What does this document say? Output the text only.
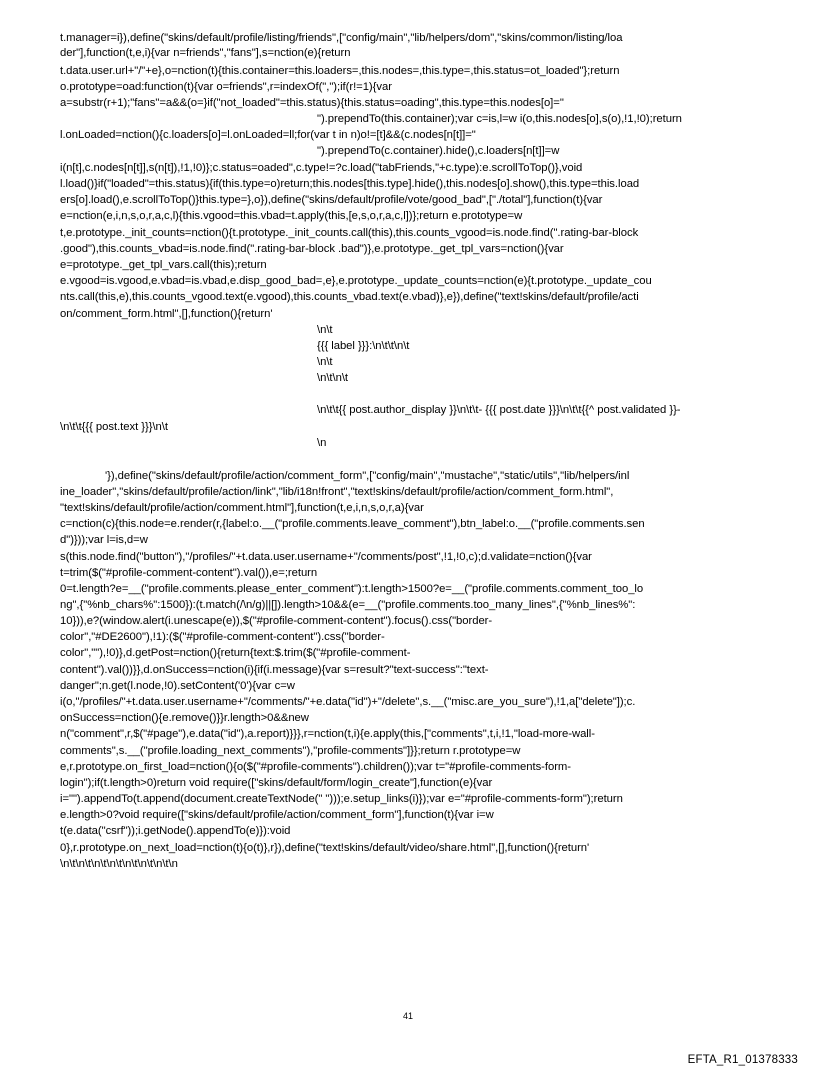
t.manager=i}),define("skins/default/profile/listing/friends",["config/main","lib/helpers/dom","skins/common/listing/loa
der"],function(t,e,i){var n=friends","fans"],s=nction(e){return
t.data.user.url+"/"+e},o=nction(t){this.container=this.loaders=,this.nodes=,this.type=,this.status=ot_loaded"};return
o.prototype=oad:function(t){var o=friends",r=indexOf(",");if(r!=1){var
a=substr(r+1);"fans"=a&&(o=}if("not_loaded"=this.status){this.status=oading",this.type=this.nodes[o]="
").prependTo(this.container);var c=is,l=w i(o,this.nodes[o],s(o),!1,!0);return
l.onLoaded=nction(){c.loaders[o]=l.onLoaded=ll;for(var t in n)o!=[t]&&(c.nodes[n[t]]="
").prependTo(c.container).hide(),c.loaders[n[t]]=w
i(n[t],c.nodes[n[t]],s(n[t]),!1,!0)};c.status=oaded",c.type!=?c.load("tabFriends,"+c.type):e.scrollToTop()},void
l.load()}if("loaded"=this.status){if(this.type=o)return;this.nodes[this.type].hide(),this.nodes[o].show(),this.type=this.load
ers[o].load(),e.scrollToTop()}this.type=},o}),define("skins/default/profile/vote/good_bad",["./total"],function(t){var
e=nction(e,i,n,s,o,r,a,c,l){this.vgood=this.vbad=t.apply(this,[e,s,o,r,a,c,l])};return e.prototype=w
t,e.prototype._init_counts=nction(){t.prototype._init_counts.call(this),this.counts_vgood=is.node.find(".rating-bar-block
.good"),this.counts_vbad=is.node.find(".rating-bar-block .bad")},e.prototype._get_tpl_vars=nction(){var
e=prototype._get_tpl_vars.call(this);return
e.vgood=is.vgood,e.vbad=is.vbad,e.disp_good_bad=,e},e.prototype._update_counts=nction(e){t.prototype._update_cou
nts.call(this,e),this.counts_vgood.text(e.vgood),this.counts_vbad.text(e.vbad)},e}),define("text!skins/default/profile/acti
on/comment_form.html",[],function(){return'
\n\t
{{{ label }}}:\n\t\t\n\t
\n\t
\n\t\n\t
\n\t\t{{ post.author_display }}\n\t\t- {{{ post.date }}}\n\t\t{{^ post.validated }}-
\n\t\t{{{ post.text }}}\n\t
\n
'}),define("skins/default/profile/action/comment_form",["config/main","mustache","static/utils","lib/helpers/inl
ine_loader","skins/default/profile/action/link","lib/i18n!front","text!skins/default/profile/action/comment_form.html",
"text!skins/default/profile/action/comment.html"],function(t,e,i,n,s,o,r,a){var
c=nction(c){this.node=e.render(r,{label:o.__("profile.comments.leave_comment"),btn_label:o.__("profile.comments.sen
d")}));var l=is,d=w
s(this.node.find("button"),"/profiles/"+t.data.user.username+"/comments/post",!1,!0,c);d.validate=nction(){var
t=trim($("#profile-comment-content").val()),e=;return
0=t.length?e=__("profile.comments.please_enter_comment"):t.length>1500?e=__("profile.comments.comment_too_lo
ng",{"%nb_chars%":1500}):(t.match(/\n/g)||[]).length>10&&(e=__("profile.comments.too_many_lines",{"%nb_lines%":
10})),e?(window.alert(i.unescape(e)),$("#profile-comment-content").focus().css("border-
color","#DE2600"),!1):($("#profile-comment-content").css("border-
color",""),!0)},d.getPost=nction(){return{text:$.trim($("#profile-comment-
content").val())}},d.onSuccess=nction(i){if(i.message){var s=result?"text-success":"text-
danger";n.get(l.node,!0).setContent('0'){var c=w
i(o,"/profiles/"+t.data.user.username+"/comments/"+e.data("id")+"/delete",s.__("misc.are_you_sure"),!1,a["delete"]);c.
onSuccess=nction(){e.remove()}}r.length>0&&new
n("comment",r,$("#page"),e.data("id"),a.report)}}},r=nction(t,i){e.apply(this,["comments",t,i,!1,"load-more-wall-
comments",s.__("profile.loading_next_comments"),"profile-comments"]}};return r.prototype=w
e,r.prototype.on_first_load=nction(){o($("#profile-comments").children());var t="#profile-comments-form-
login");if(t.length>0)return void require(["skins/default/form/login_create"],function(e){var
i="").appendTo(t.append(document.createTextNode(" ")));e.setup_links(i)});var e="#profile-comments-form");return
e.length>0?void require(["skins/default/profile/action/comment_form"],function(t){var i=w
t(e.data("csrf"));i.getNode().appendTo(e)}):void
0},r.prototype.on_next_load=nction(t){o(t)},r}),define("text!skins/default/video/share.html",[],function(){return'
\n\t\n\t\n\t\n\t\n\t\n\t\n\t\n
41
EFTA_R1_01378333
